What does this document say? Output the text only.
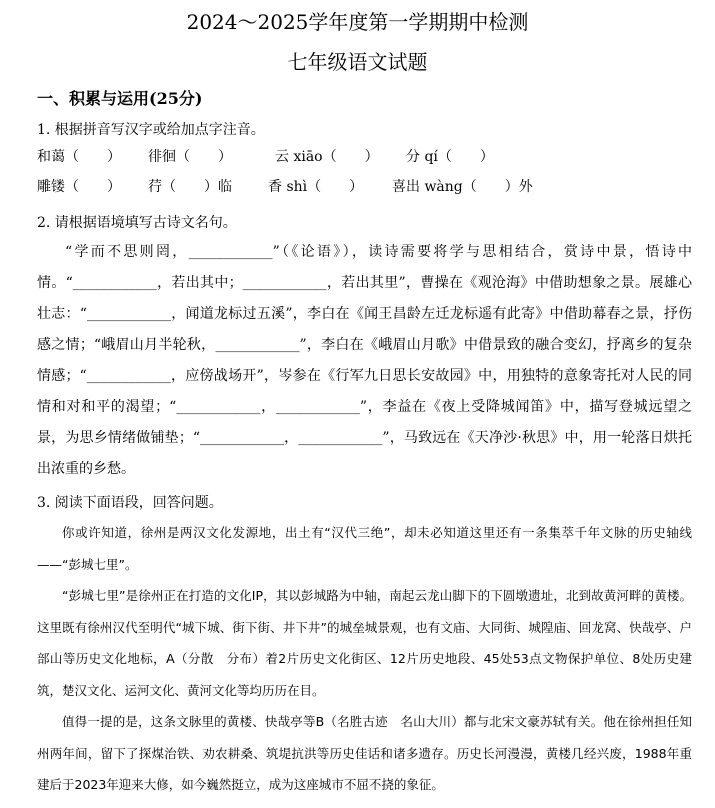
2024～2025学年度第一学期期中检测
七年级语文试题
一、积累与运用(25分)
1. 根据拼音写汉字或给加点字注音。
和蔼（　　） 徘徊（　　）	云 xiāo（　　） 分 qí（　　）
雕镂（　　） 荇（　　）临	香 shì（　　） 喜出 wàng（　　）外
2. 请根据语境填写古诗文名句。

“学而不思则罔，____________”（《论语》），读诗需要将学与思相结合，赏诗中景，悟诗中情。“____________，若出其中；____________，若出其里”，曹操在《观沧海》中借助想象之景。展雄心壮志：“____________，闻道龙标过五溪”，李白在《闻王昌龄左迁龙标遥有此寄》中借助幕春之景，抒伤感之情；“峨眉山月半轮秋，____________”，李白在《峨眉山月歌》中借景致的融合变幻，抒离乡的复杂情感；“____________，应傍战场开”，岑参在《行军九日思长安故园》中，用独特的意象寄托对人民的同情和对和平的渴望；“____________，____________”，李益在《夜上受降城闻笛》中，描写登城远望之景，为思乡情绪做铺垫；“____________，____________”，马致远在《天净沙·秋思》中，用一轮落日烘托出浓重的乡愁。

3. 阅读下面语段，回答问题。

你或许知道，徐州是两汉文化发源地，出土有“汉代三绝”，却未必知道这里还有一条集萃千年文脉的历史轴线——“彭城七里”。

“彭城七里”是徐州正在打造的文化IP，其以彭城路为中轴，南起云龙山脚下的下圆墩遗址，北到故黄河畔的黄楼。这里既有徐州汉代至明代“城下城、街下街、井下井”的城垒城景观，也有文庙、大同街、城隍庙、回龙窝、快哉亭、户部山等历史文化地标，A（分散　分布）着2片历史文化街区、12片历史地段、45处53点文物保护单位、8处历史建筑，楚汉文化、运河文化、黄河文化等均历历在目。

值得一提的是，这条文脉里的黄楼、快哉亭等B（名胜古迹　名山大川）都与北宋文豪苏轼有关。他在徐州担任知州两年间，留下了探煤治铁、劝农耕桑、筑堤抗洪等历史佳话和诸多遗存。历史长河漫漫，黄楼几经兴废，1988年重建后于2023年迎来大修，如今巍然挺立，成为这座城市不屈不挠的象征。
